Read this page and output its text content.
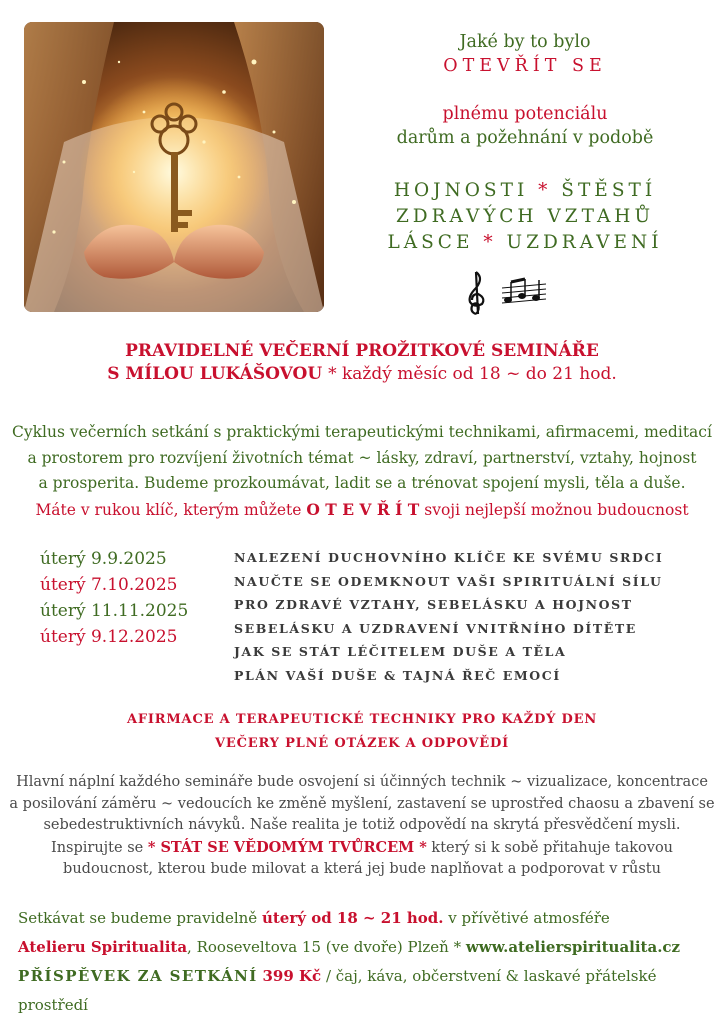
Jaké by to bylo
OTEVŘÍT SE
plnému potenciálu
darům a požehnání v podobě
HOJNOSTI * ŠTĚSTÍ
ZDRAVÝCH VZTAHŮ
LÁSCE * UZDRAVENÍ
PRAVIDELNÉ VEČERNÍ PROŽITKOVÉ SEMINÁŘE
S MÍLOU LUKÁŠOVOU * každý měsíc od 18 ~ do 21 hod.
Cyklus večerních setkání s praktickými terapeutickými technikami, afirmacemi, meditací
a prostorem pro rozvíjení životních témat ~ lásky, zdraví, partnerství, vztahy, hojnost
a prosperita. Budeme prozkoumávat, ladit se a trénovat spojení mysli, těla a duše.
Máte v rukou klíč, kterým můžete O T E V Ř Í T svoji nejlepší možnou budoucnost
úterý 9.9.2025
úterý 7.10.2025
úterý 11.11.2025
úterý 9.12.2025
NALEZENÍ DUCHOVNÍHO KLÍČE KE SVÉMU SRDCI
NAUČTE SE ODEMKNOUT VAŠI SPIRITUÁLNÍ SÍLU
PRO ZDRAVÉ VZTAHY, SEBELÁSKU A HOJNOST
SEBELÁSKU A UZDRAVENÍ VNITŘNÍHO DÍTĚTE
JAK SE STÁT LÉČITELEM DUŠE A TĚLA
PLÁN VAŠÍ DUŠE & TAJNÁ ŘEČ EMOCÍ
AFIRMACE A TERAPEUTICKÉ TECHNIKY PRO KAŽDÝ DEN
VEČERY PLNÉ OTÁZEK A ODPOVĚDÍ
Hlavní náplní každého semináře bude osvojení si účinných technik ~ vizualizace, koncentrace
a posilování záměru ~ vedoucích ke změně myšlení, zastavení se uprostřed chaosu a zbavení se
sebedestruktivních návyků. Naše realita je totiž odpovědí na skrytá přesvědčení mysli.
Inspirujte se * STÁT SE VĚDOMÝM TVŮRCEM * který si k sobě přitahuje takovou
budoucnost, kterou bude milovat a která jej bude naplňovat a podporovat v růstu
Setkávat se budeme pravidelně úterý od 18 ~ 21 hod. v přívětivé atmosféře
Atelieru Spiritualita, Rooseveltova 15 (ve dvoře) Plzeň * www.atelierspiritualita.cz
PŘÍSPĚVEK ZA SETKÁNÍ 399 Kč / čaj, káva, občerstvení & laskavé přátelské prostředí
